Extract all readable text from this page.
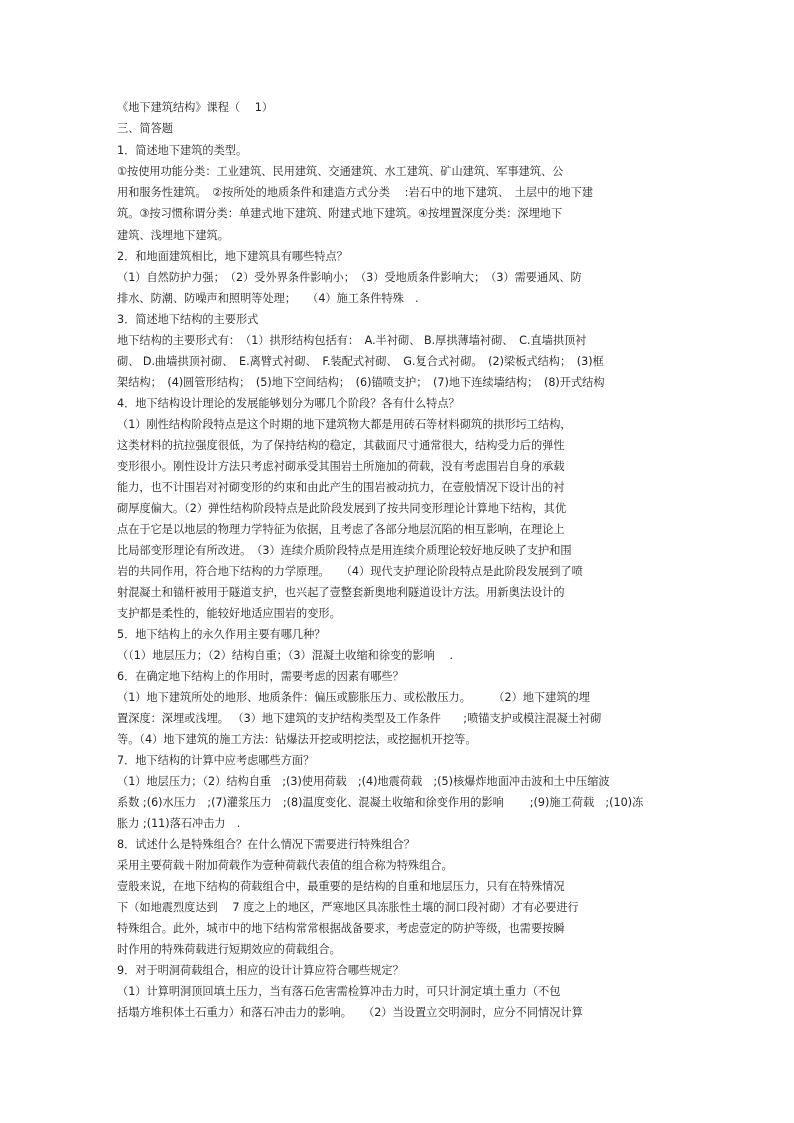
《地下建筑结构》课程（　 1）
三、简答题
1．简述地下建筑的类型。
①按使用功能分类：工业建筑、民用建筑、交通建筑、水工建筑、矿山建筑、军事建筑、公
用和服务性建筑。　②按所处的地质条件和建造方式分类　 :岩石中的地下建筑、　土层中的地下建
筑。③按习惯称谓分类：单建式地下建筑、附建式地下建筑。④按埋置深度分类：深埋地下
建筑、浅埋地下建筑。
2．和地面建筑相比，地下建筑具有哪些特点？
（1）自然防护力强；　（2）受外界条件影响小；　（3）受地质条件影响大；　（3）需要通风、防
排水、防潮、防噪声和照明等处理；　　（4）施工条件特殊　.
3．简述地下结构的主要形式
地下结构的主要形式有：　（1）拱形结构包括有：　A.半衬砌、 B.厚拱薄墙衬砌、　C.直墙拱顶衬
砌、 D.曲墙拱顶衬砌、　E.离臂式衬砌、　F.装配式衬砌、　G.复合式衬砌。　(2)梁板式结构；　(3)框
架结构；　(4)圆管形结构；　(5)地下空间结构；　(6)锚喷支护；　(7)地下连续墙结构；　(8)开式结构
4．地下结构设计理论的发展能够划分为哪几个阶段？各有什么特点？
（1）刚性结构阶段特点是这个时期的地下建筑物大都是用砖石等材料砌筑的拱形圬工结构，
这类材料的抗拉强度很低，为了保持结构的稳定，其截面尺寸通常很大，结构受力后的弹性
变形很小。刚性设计方法只考虑衬砌承受其围岩土所施加的荷载，没有考虑围岩自身的承载
能力，也不计围岩对衬砌变形的约束和由此产生的围岩被动抗力，在壹般情况下设计出的衬
砌厚度偏大。（2）弹性结构阶段特点是此阶段发展到了按共同变形理论计算地下结构，其优
点在于它是以地层的物理力学特征为依据，且考虑了各部分地层沉陷的相互影响，在理论上
比局部变形理论有所改进。　（3）连续介质阶段特点是用连续介质理论较好地反映了支护和围
岩的共同作用，符合地下结构的力学原理。　　（4）现代支护理论阶段特点是此阶段发展到了喷
射混凝土和锚杆被用于隧道支护，也兴起了壹整套新奥地利隧道设计方法。用新奥法设计的
支护都是柔性的，能较好地适应围岩的变形。
5．地下结构上的永久作用主要有哪几种？
（（1）地层压力；（2）结构自重；（3）混凝土收缩和徐变的影响　 .
6．在确定地下结构上的作用时，需要考虑的因素有哪些？
（1）地下建筑所处的地形、地质条件：偏压或膨胀压力、或松散压力。　　　（2）地下建筑的埋
置深度：深埋或浅埋。 （3）地下建筑的支护结构类型及工作条件　　;喷锚支护或模注混凝土衬砌
等。（4）地下建筑的施工方法：钻爆法开挖或明挖法，或挖掘机开挖等。
7．地下结构的计算中应考虑哪些方面？
（1）地层压力；（2）结构自重　;(3)使用荷载　;(4)地震荷载　;(5)核爆炸地面冲击波和土中压缩波
系数 ;(6)水压力　;(7)灌浆压力　;(8)温度变化、混凝土收缩和徐变作用的影响　　 ;(9)施工荷载　;(10)冻
胀力 ;(11)落石冲击力　.
8．试述什么是特殊组合？在什么情况下需要进行特殊组合？
采用主要荷载＋附加荷载作为壹种荷载代表值的组合称为特殊组合。
壹般来说，在地下结构的荷载组合中，最重要的是结构的自重和地层压力，只有在特殊情况
下（如地震烈度达到　 7 度之上的地区，严寒地区具冻胀性土壤的洞口段衬砌）才有必要进行
特殊组合。此外，城市中的地下结构常常根据战备要求，考虑壹定的防护等级，也需要按瞬
时作用的特殊荷载进行短期效应的荷载组合。
9．对于明洞荷载组合，相应的设计计算应符合哪些规定？
（1）计算明洞顶回填土压力，当有落石危害需检算冲击力时，可只计洞定填土重力（不包
括塌方堆积体土石重力）和落石冲击力的影响。　　（2）当设置立交明洞时，应分不同情况计算
